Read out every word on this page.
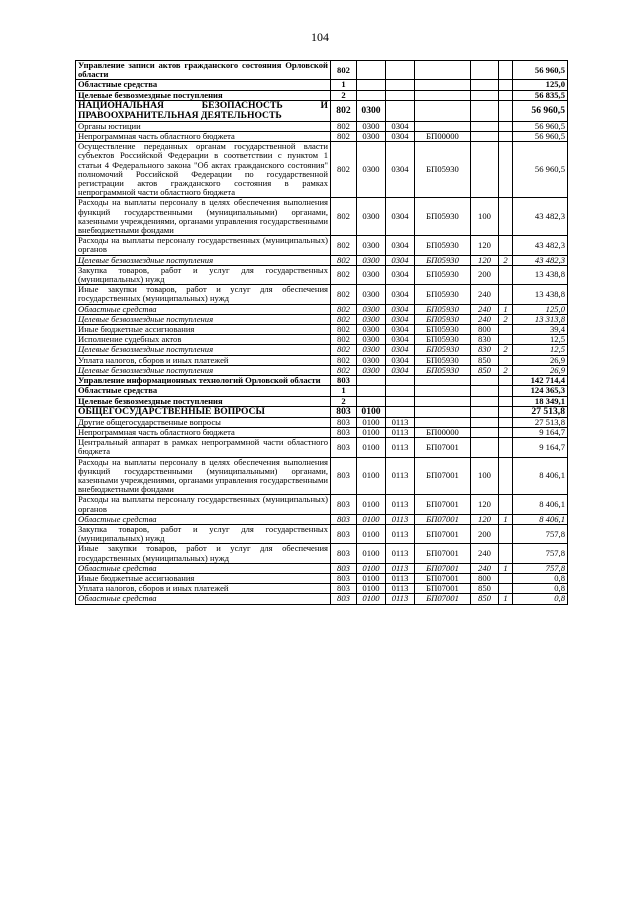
104
Управление записи актов гражданского состояния Орловской области	802						56 960,5
Областные средства	1						125,0
Целевые безвозмездные поступления	2						56 835,5
НАЦИОНАЛЬНАЯ БЕЗОПАСНОСТЬ И ПРАВООХРАНИТЕЛЬНАЯ ДЕЯТЕЛЬНОСТЬ	802	0300					56 960,5
Органы юстиции	802	0300	0304				56 960,5
Непрограммная часть областного бюджета	802	0300	0304	БП00000			56 960,5
Осуществление переданных органам государственной власти субъектов Российской Федерации в соответствии с пунктом 1 статьи 4 Федерального закона "Об актах гражданского состояния" полномочий Российской Федерации по государственной регистрации актов гражданского состояния в рамках непрограммной части областного бюджета	802	0300	0304	БП05930			56 960,5
Расходы на выплаты персоналу в целях обеспечения выполнения функций государственными (муниципальными) органами, казенными учреждениями, органами управления государственными внебюджетными фондами	802	0300	0304	БП05930	100		43 482,3
Расходы на выплаты персоналу государственных (муниципальных) органов	802	0300	0304	БП05930	120		43 482,3
Целевые безвозмездные поступления	802	0300	0304	БП05930	120	2	43 482,3
Закупка товаров, работ и услуг для государственных (муниципальных) нужд	802	0300	0304	БП05930	200		13 438,8
Иные закупки товаров, работ и услуг для обеспечения государственных (муниципальных) нужд	802	0300	0304	БП05930	240		13 438,8
Областные средства	802	0300	0304	БП05930	240	1	125,0
Целевые безвозмездные поступления	802	0300	0304	БП05930	240	2	13 313,8
Иные бюджетные ассигнования	802	0300	0304	БП05930	800		39,4
Исполнение судебных актов	802	0300	0304	БП05930	830		12,5
Целевые безвозмездные поступления	802	0300	0304	БП05930	830	2	12,5
Уплата налогов, сборов и иных платежей	802	0300	0304	БП05930	850		26,9
Целевые безвозмездные поступления	802	0300	0304	БП05930	850	2	26,9
Управление информационных технологий Орловской области	803						142 714,4
Областные средства	1						124 365,3
Целевые безвозмездные поступления	2						18 349,1
ОБЩЕГОСУДАРСТВЕННЫЕ ВОПРОСЫ	803	0100					27 513,8
Другие общегосударственные вопросы	803	0100	0113				27 513,8
Непрограммная часть областного бюджета	803	0100	0113	БП00000			9 164,7
Центральный аппарат в рамках непрограммной части областного бюджета	803	0100	0113	БП07001			9 164,7
Расходы на выплаты персоналу в целях обеспечения выполнения функций государственными (муниципальными) органами, казенными учреждениями, органами управления государственными внебюджетными фондами	803	0100	0113	БП07001	100		8 406,1
Расходы на выплаты персоналу государственных (муниципальных) органов	803	0100	0113	БП07001	120		8 406,1
Областные средства	803	0100	0113	БП07001	120	1	8 406,1
Закупка товаров, работ и услуг для государственных (муниципальных) нужд	803	0100	0113	БП07001	200		757,8
Иные закупки товаров, работ и услуг для обеспечения государственных (муниципальных) нужд	803	0100	0113	БП07001	240		757,8
Областные средства	803	0100	0113	БП07001	240	1	757,8
Иные бюджетные ассигнования	803	0100	0113	БП07001	800		0,8
Уплата налогов, сборов и иных платежей	803	0100	0113	БП07001	850		0,8
Областные средства	803	0100	0113	БП07001	850	1	0,8
